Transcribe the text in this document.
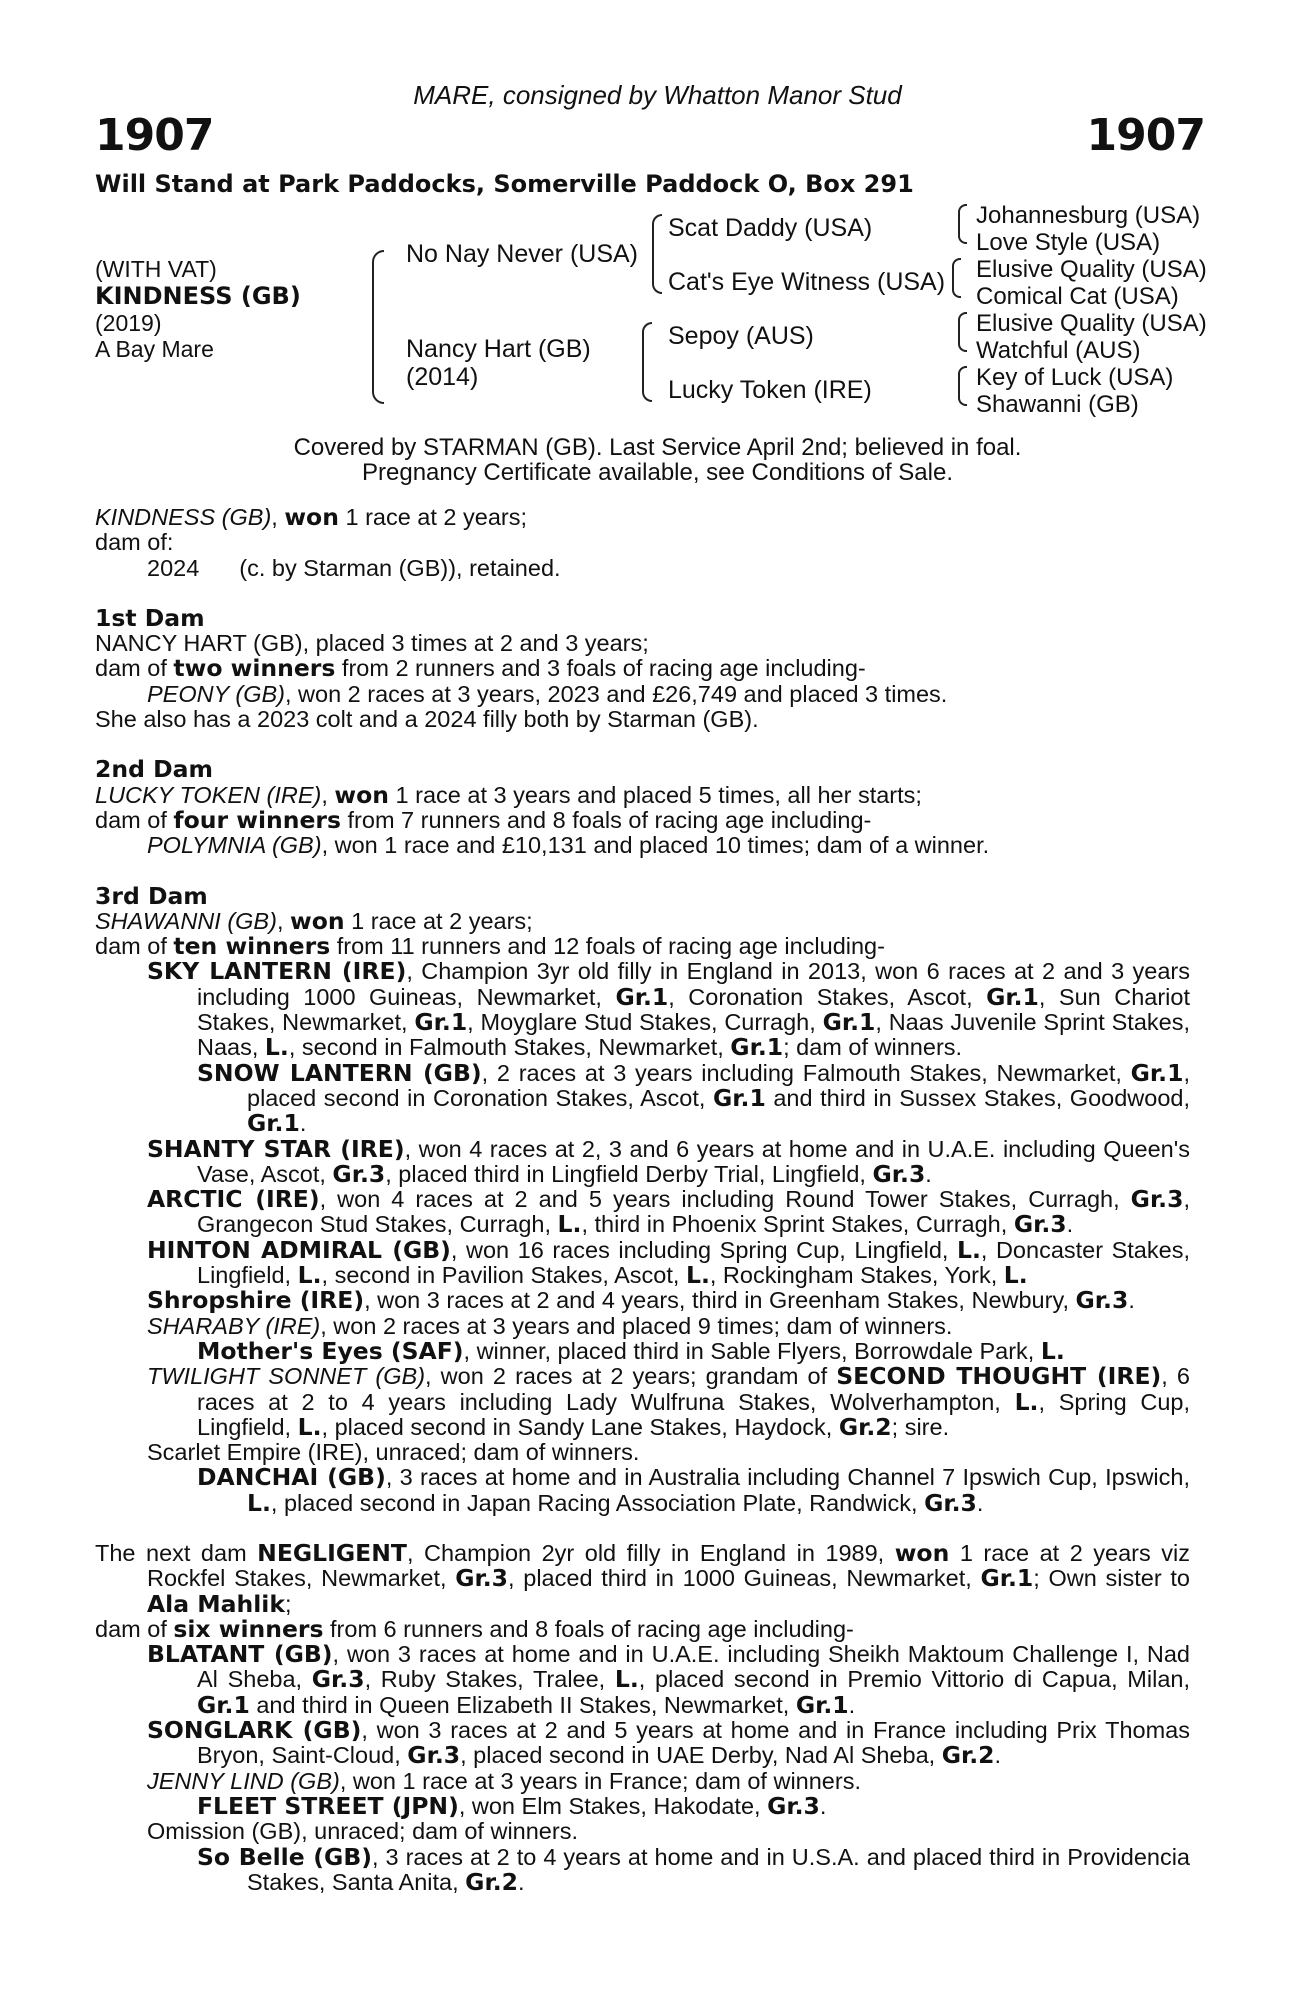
1907	1907
MARE, consigned by Whatton Manor Stud
Will Stand at Park Paddocks, Somerville Paddock O, Box 291
(WITH VAT)
KINDNESS (GB)
(2019)
A Bay Mare
No Nay Never (USA)
Nancy Hart (GB)
(2014)
Scat Daddy (USA)
Cat's Eye Witness (USA)
Sepoy (AUS)
Lucky Token (IRE)
Johannesburg (USA)
Love Style (USA)
Elusive Quality (USA)
Comical Cat (USA)
Elusive Quality (USA)
Watchful (AUS)
Key of Luck (USA)
Shawanni (GB)
Covered by STARMAN (GB). Last Service April 2nd; believed in foal.
Pregnancy Certificate available, see Conditions of Sale.

KINDNESS (GB), won 1 race at 2 years;

dam of:

2024 (c. by Starman (GB)), retained.

1st Dam

NANCY HART (GB), placed 3 times at 2 and 3 years;

dam of two winners from 2 runners and 3 foals of racing age including-

PEONY (GB), won 2 races at 3 years, 2023 and £26,749 and placed 3 times.

She also has a 2023 colt and a 2024 filly both by Starman (GB).

2nd Dam

LUCKY TOKEN (IRE), won 1 race at 3 years and placed 5 times, all her starts;

dam of four winners from 7 runners and 8 foals of racing age including-

POLYMNIA (GB), won 1 race and £10,131 and placed 10 times; dam of a winner.

3rd Dam

SHAWANNI (GB), won 1 race at 2 years;

dam of ten winners from 11 runners and 12 foals of racing age including-

SKY LANTERN (IRE), Champion 3yr old filly in England in 2013, won 6 races at 2 and 3 years including 1000 Guineas, Newmarket, Gr.1, Coronation Stakes, Ascot, Gr.1, Sun Chariot Stakes, Newmarket, Gr.1, Moyglare Stud Stakes, Curragh, Gr.1, Naas Juvenile Sprint Stakes, Naas, L., second in Falmouth Stakes, Newmarket, Gr.1; dam of winners.

SNOW LANTERN (GB), 2 races at 3 years including Falmouth Stakes, Newmarket, Gr.1, placed second in Coronation Stakes, Ascot, Gr.1 and third in Sussex Stakes, Goodwood, Gr.1.

SHANTY STAR (IRE), won 4 races at 2, 3 and 6 years at home and in U.A.E. including Queen's Vase, Ascot, Gr.3, placed third in Lingfield Derby Trial, Lingfield, Gr.3.

ARCTIC (IRE), won 4 races at 2 and 5 years including Round Tower Stakes, Curragh, Gr.3, Grangecon Stud Stakes, Curragh, L., third in Phoenix Sprint Stakes, Curragh, Gr.3.

HINTON ADMIRAL (GB), won 16 races including Spring Cup, Lingfield, L., Doncaster Stakes, Lingfield, L., second in Pavilion Stakes, Ascot, L., Rockingham Stakes, York, L.

Shropshire (IRE), won 3 races at 2 and 4 years, third in Greenham Stakes, Newbury, Gr.3.

SHARABY (IRE), won 2 races at 3 years and placed 9 times; dam of winners.

Mother's Eyes (SAF), winner, placed third in Sable Flyers, Borrowdale Park, L.

TWILIGHT SONNET (GB), won 2 races at 2 years; grandam of SECOND THOUGHT (IRE), 6 races at 2 to 4 years including Lady Wulfruna Stakes, Wolverhampton, L., Spring Cup, Lingfield, L., placed second in Sandy Lane Stakes, Haydock, Gr.2; sire.

Scarlet Empire (IRE), unraced; dam of winners.

DANCHAI (GB), 3 races at home and in Australia including Channel 7 Ipswich Cup, Ipswich, L., placed second in Japan Racing Association Plate, Randwick, Gr.3.

The next dam NEGLIGENT, Champion 2yr old filly in England in 1989, won 1 race at 2 years viz Rockfel Stakes, Newmarket, Gr.3, placed third in 1000 Guineas, Newmarket, Gr.1; Own sister to Ala Mahlik;

dam of six winners from 6 runners and 8 foals of racing age including-

BLATANT (GB), won 3 races at home and in U.A.E. including Sheikh Maktoum Challenge I, Nad Al Sheba, Gr.3, Ruby Stakes, Tralee, L., placed second in Premio Vittorio di Capua, Milan, Gr.1 and third in Queen Elizabeth II Stakes, Newmarket, Gr.1.

SONGLARK (GB), won 3 races at 2 and 5 years at home and in France including Prix Thomas Bryon, Saint-Cloud, Gr.3, placed second in UAE Derby, Nad Al Sheba, Gr.2.

JENNY LIND (GB), won 1 race at 3 years in France; dam of winners.

FLEET STREET (JPN), won Elm Stakes, Hakodate, Gr.3.

Omission (GB), unraced; dam of winners.

So Belle (GB), 3 races at 2 to 4 years at home and in U.S.A. and placed third in Providencia Stakes, Santa Anita, Gr.2.
